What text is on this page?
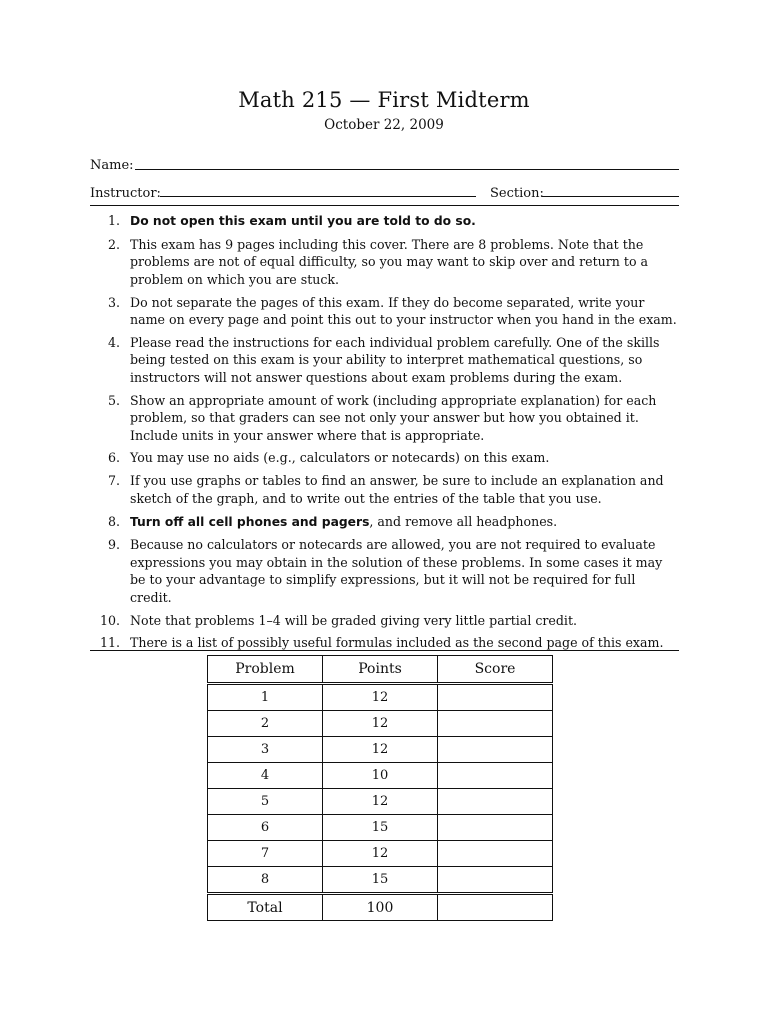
Math 215 — First Midterm
October 22, 2009
Name:
Instructor:	Section:
1. Do not open this exam until you are told to do so.
2. This exam has 9 pages including this cover. There are 8 problems. Note that the problems are not of equal difficulty, so you may want to skip over and return to a problem on which you are stuck.
3. Do not separate the pages of this exam. If they do become separated, write your name on every page and point this out to your instructor when you hand in the exam.
4. Please read the instructions for each individual problem carefully. One of the skills being tested on this exam is your ability to interpret mathematical questions, so instructors will not answer questions about exam problems during the exam.
5. Show an appropriate amount of work (including appropriate explanation) for each problem, so that graders can see not only your answer but how you obtained it. Include units in your answer where that is appropriate.
6. You may use no aids (e.g., calculators or notecards) on this exam.
7. If you use graphs or tables to find an answer, be sure to include an explanation and sketch of the graph, and to write out the entries of the table that you use.
8. Turn off all cell phones and pagers, and remove all headphones.
9. Because no calculators or notecards are allowed, you are not required to evaluate expressions you may obtain in the solution of these problems. In some cases it may be to your advantage to simplify expressions, but it will not be required for full credit.
10. Note that problems 1–4 will be graded giving very little partial credit.
11. There is a list of possibly useful formulas included as the second page of this exam.
Problem	Points	Score
1	12	
2	12	
3	12	
4	10	
5	12	
6	15	
7	12	
8	15	
Total	100	
